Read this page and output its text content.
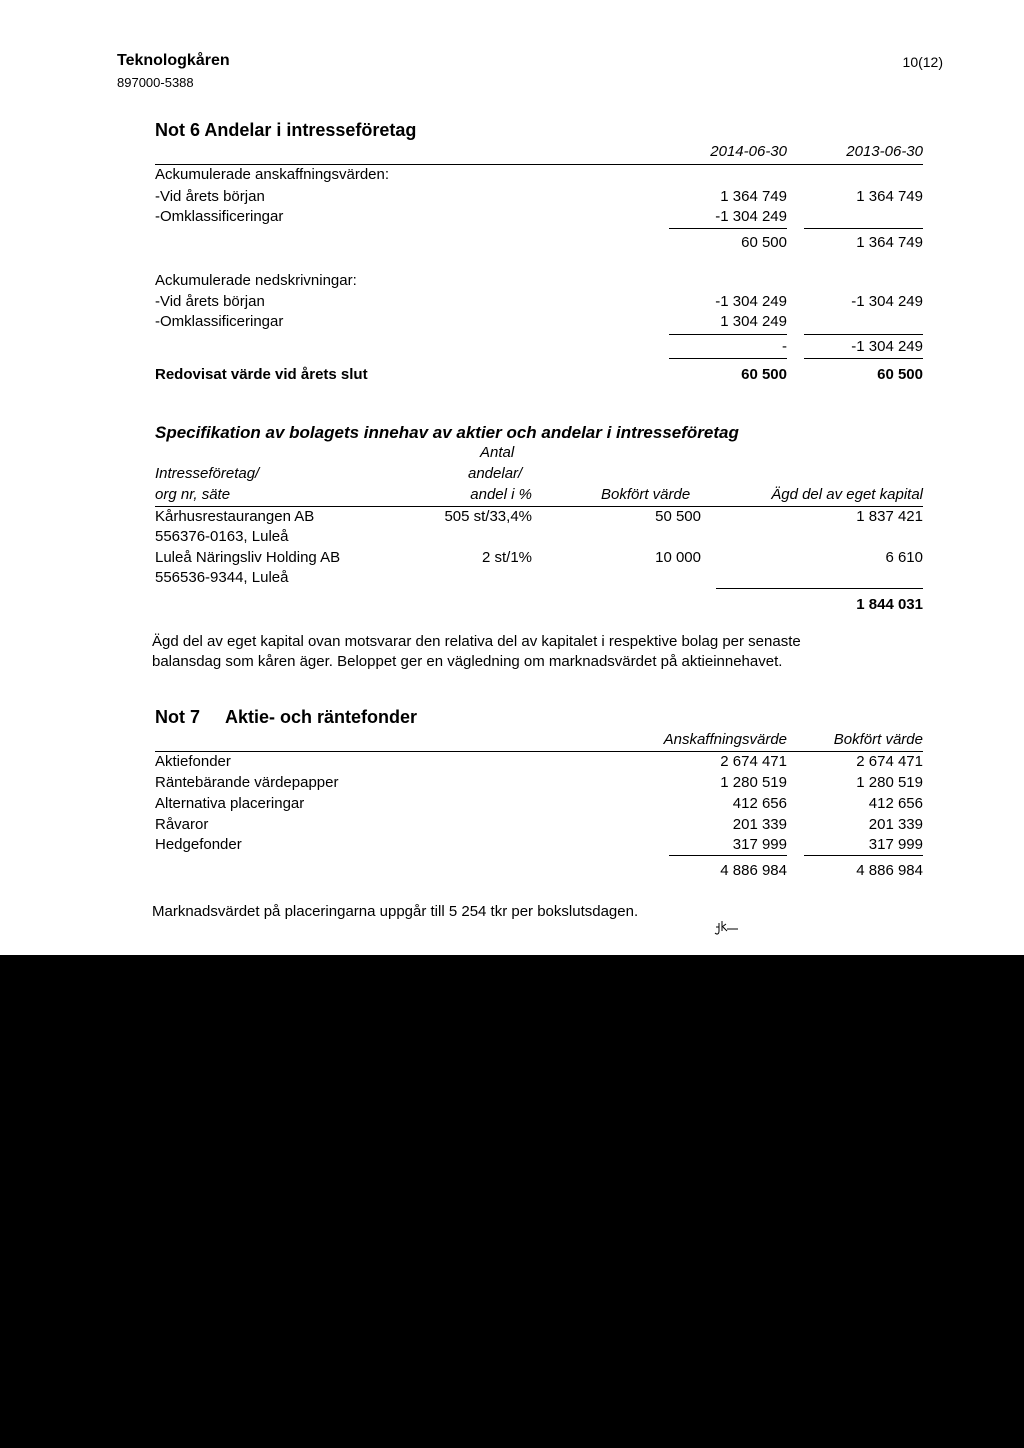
Teknologkåren
897000-5388
10(12)
Not 6 Andelar i intresseföretag
2014-06-30	2013-06-30
Ackumulerade anskaffningsvärden:
-Vid årets början	1 364 749	1 364 749
-Omklassificeringar	-1 304 249
60 500	1 364 749
Ackumulerade nedskrivningar:
-Vid årets början	-1 304 249	-1 304 249
-Omklassificeringar	1 304 249
-	-1 304 249
Redovisat värde vid årets slut	60 500	60 500
Specifikation av bolagets innehav av aktier och andelar i intresseföretag
Antal
Intresseföretag/	andelar/
org nr, säte	andel i %	Bokfört värde	Ägd del av eget kapital
Kårhusrestaurangen AB	505 st/33,4%	50 500	1 837 421
556376-0163, Luleå
Luleå Näringsliv Holding AB	2 st/1%	10 000	6 610
556536-9344, Luleå
1 844 031
Ägd del av eget kapital ovan motsvarar den relativa del av kapitalet i respektive bolag per senaste
balansdag som kåren äger. Beloppet ger en vägledning om marknadsvärdet på aktieinnehavet.
Not 7 Aktie- och räntefonder
Anskaffningsvärde	Bokfört värde
Aktiefonder	2 674 471	2 674 471
Räntebärande värdepapper	1 280 519	1 280 519
Alternativa placeringar	412 656	412 656
Råvaror	201 339	201 339
Hedgefonder	317 999	317 999
4 886 984	4 886 984
Marknadsvärdet på placeringarna uppgår till 5 254 tkr per bokslutsdagen.
